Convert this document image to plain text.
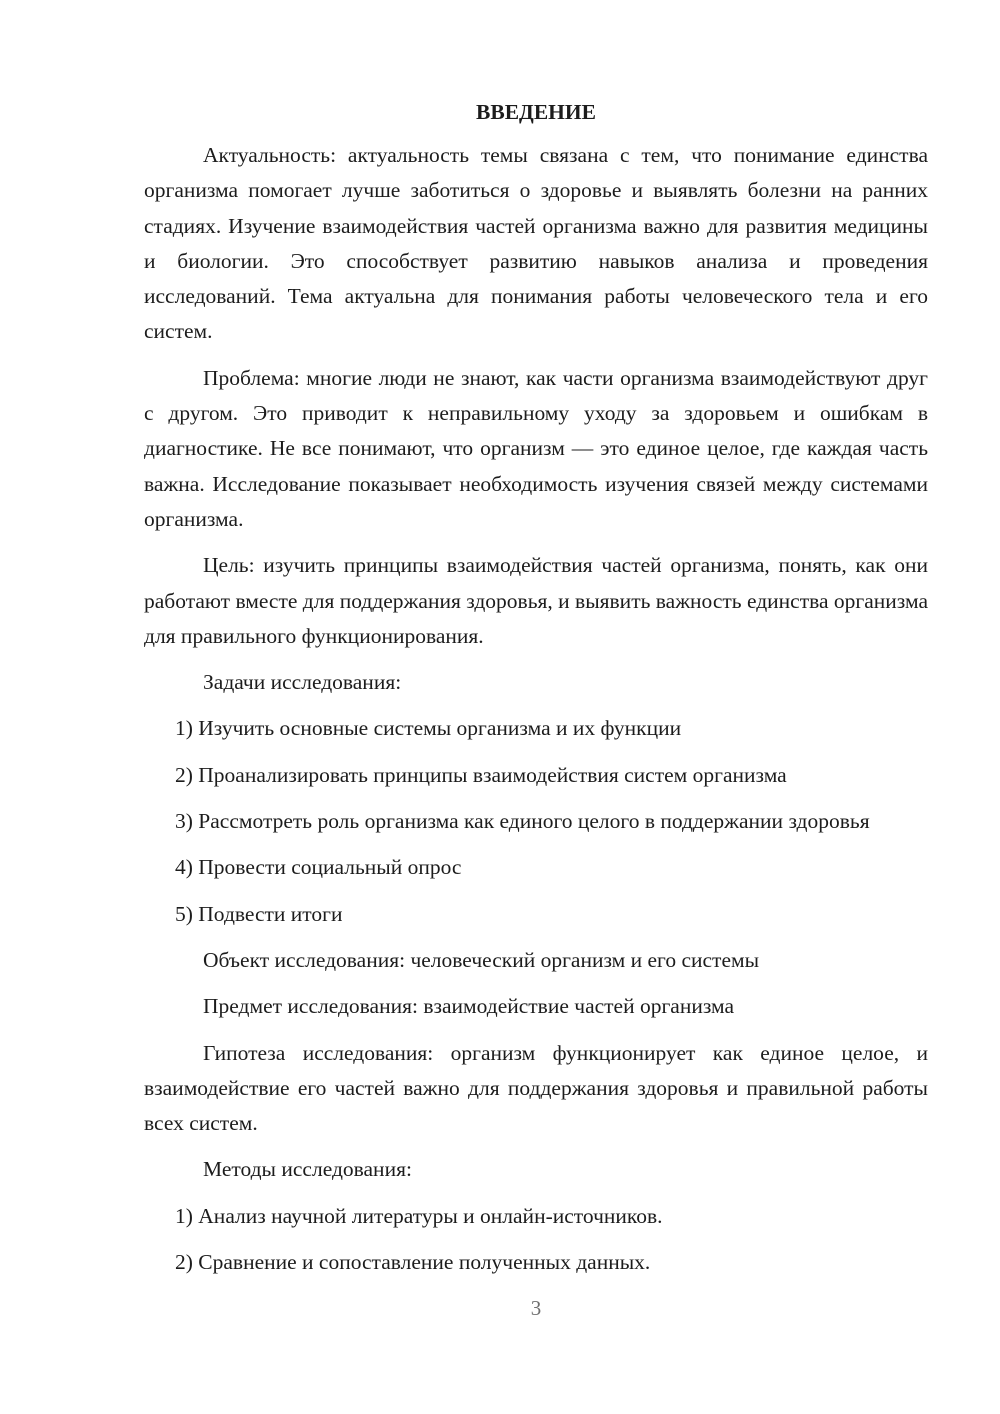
ВВЕДЕНИЕ

Актуальность: актуальность темы связана с тем, что понимание единства организма помогает лучше заботиться о здоровье и выявлять болезни на ранних стадиях. Изучение взаимодействия частей организма важно для развития медицины и биологии. Это способствует развитию навыков анализа и проведения исследований. Тема актуальна для понимания работы человеческого тела и его систем.

Проблема: многие люди не знают, как части организма взаимодействуют друг с другом. Это приводит к неправильному уходу за здоровьем и ошибкам в диагностике. Не все понимают, что организм — это единое целое, где каждая часть важна. Исследование показывает необходимость изучения связей между системами организма.

Цель: изучить принципы взаимодействия частей организма, понять, как они работают вместе для поддержания здоровья, и выявить важность единства организма для правильного функционирования.

Задачи исследования:

1) Изучить основные системы организма и их функции

2) Проанализировать принципы взаимодействия систем организма

3) Рассмотреть роль организма как единого целого в поддержании здоровья

4) Провести социальный опрос

5) Подвести итоги

Объект исследования: человеческий организм и его системы

Предмет исследования: взаимодействие частей организма

Гипотеза исследования: организм функционирует как единое целое, и взаимодействие его частей важно для поддержания здоровья и правильной работы всех систем.

Методы исследования:

1) Анализ научной литературы и онлайн-источников.

2) Сравнение и сопоставление полученных данных.

3
